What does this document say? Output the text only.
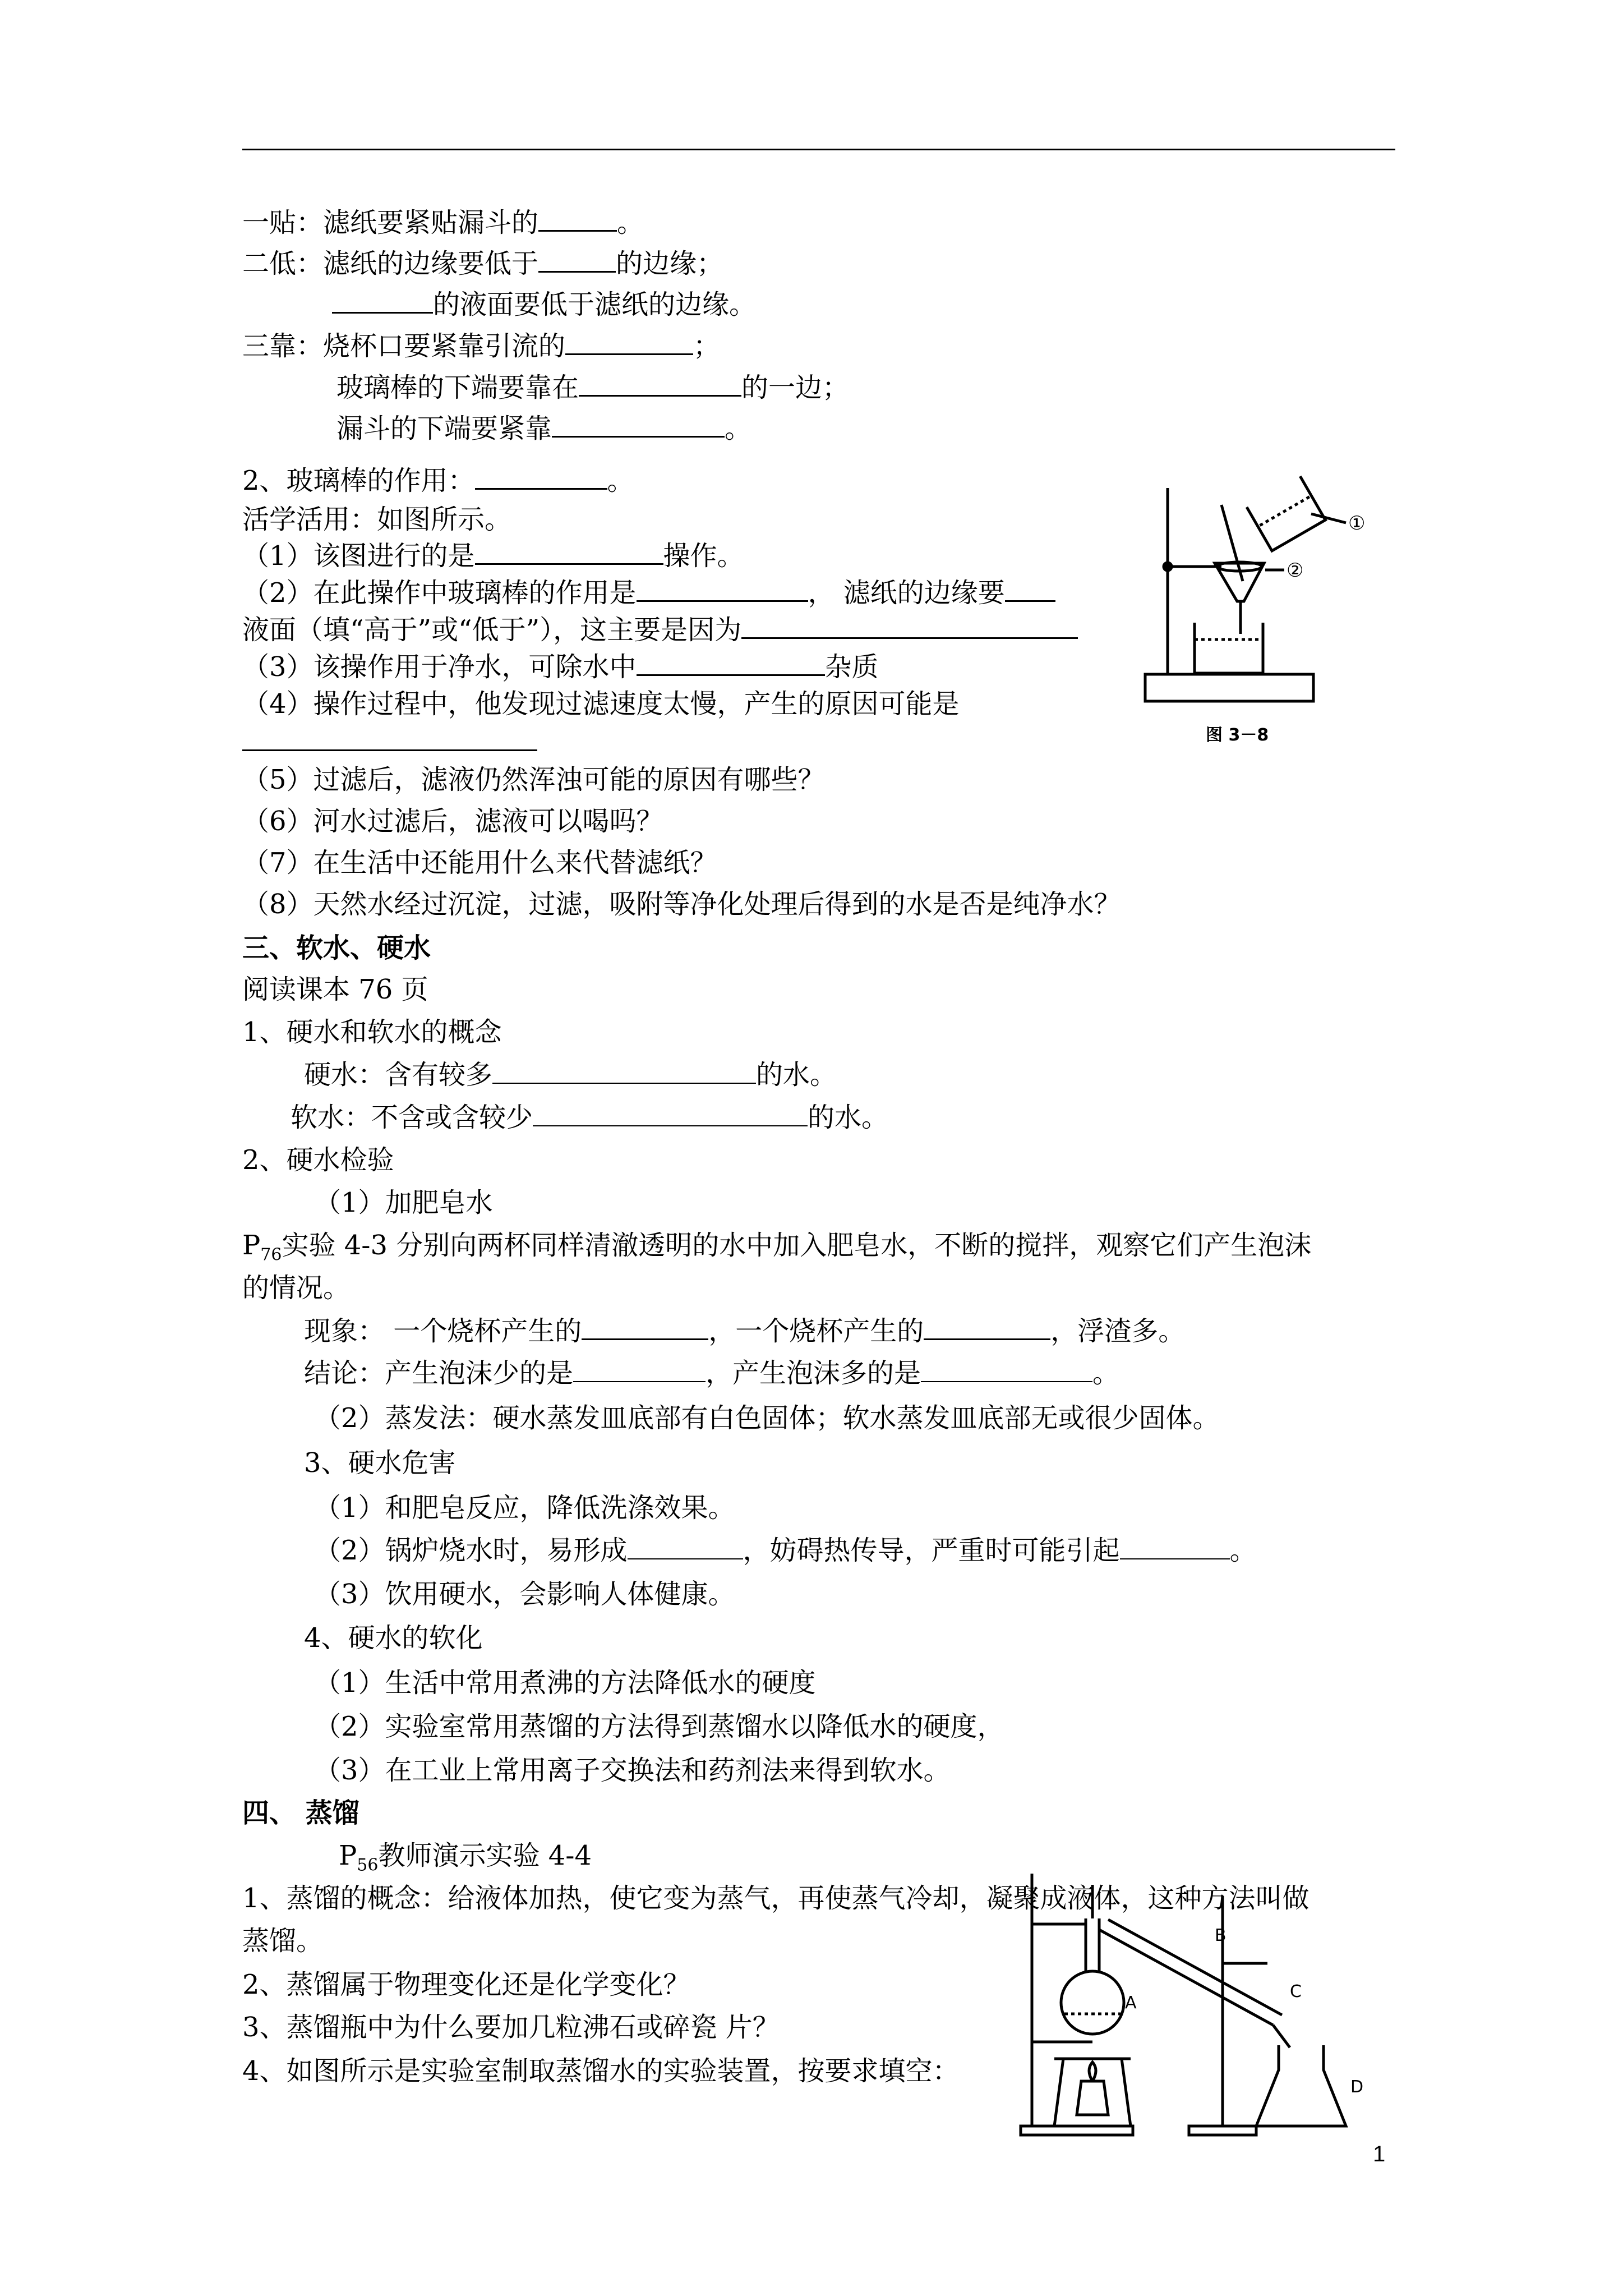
一贴：滤纸要紧贴漏斗的	。
二低：滤纸的边缘要低于	的边缘；
的液面要低于滤纸的边缘。
三靠：烧杯口要紧靠引流的	；
玻璃棒的下端要靠在	的一边；
漏斗的下端要紧靠	。
2、玻璃棒的作用：	。
活学活用：如图所示。
（1）该图进行的是	操作。
（2）在此操作中玻璃棒的作用是	， 滤纸的边缘要
液面（填“高于”或“低于”），这主要是因为
（3）该操作用于净水，可除水中	杂质
（4）操作过程中，他发现过滤速度太慢，产生的原因可能是
（5）过滤后，滤液仍然浑浊可能的原因有哪些？
（6）河水过滤后，滤液可以喝吗？
（7）在生活中还能用什么来代替滤纸？
（8）天然水经过沉淀，过滤，吸附等净化处理后得到的水是否是纯净水？
三、软水、硬水
阅读课本 76 页
1、硬水和软水的概念
硬水：含有较多	的水。
软水：不含或含较少	的水。
2、硬水检验
（1）加肥皂水
$P_{76}$实验 4-3 分别向两杯同样清澈透明的水中加入肥皂水，不断的搅拌，观察它们产生泡沫
的情况。
现象： 一个烧杯产生的	，一个烧杯产生的	，浮渣多。
结论：产生泡沫少的是	，产生泡沫多的是	。
（2）蒸发法：硬水蒸发皿底部有白色固体；软水蒸发皿底部无或很少固体。
3、硬水危害
（1）和肥皂反应，降低洗涤效果。
（2）锅炉烧水时，易形成	，妨碍热传导，严重时可能引起	。
（3）饮用硬水，会影响人体健康。
4、硬水的软化
（1）生活中常用煮沸的方法降低水的硬度
（2）实验室常用蒸馏的方法得到蒸馏水以降低水的硬度，
（3）在工业上常用离子交换法和药剂法来得到软水。
四、 蒸馏
$P_{56}$教师演示实验 4-4
1、蒸馏的概念：给液体加热，使它变为蒸气，再使蒸气冷却，凝聚成液体，这种方法叫做
蒸馏。
2、蒸馏属于物理变化还是化学变化？
3、蒸馏瓶中为什么要加几粒沸石或碎瓷 片？
4、如图所示是实验室制取蒸馏水的实验装置，按要求填空：
①
②
图 3－8
A
B
C
D
1
